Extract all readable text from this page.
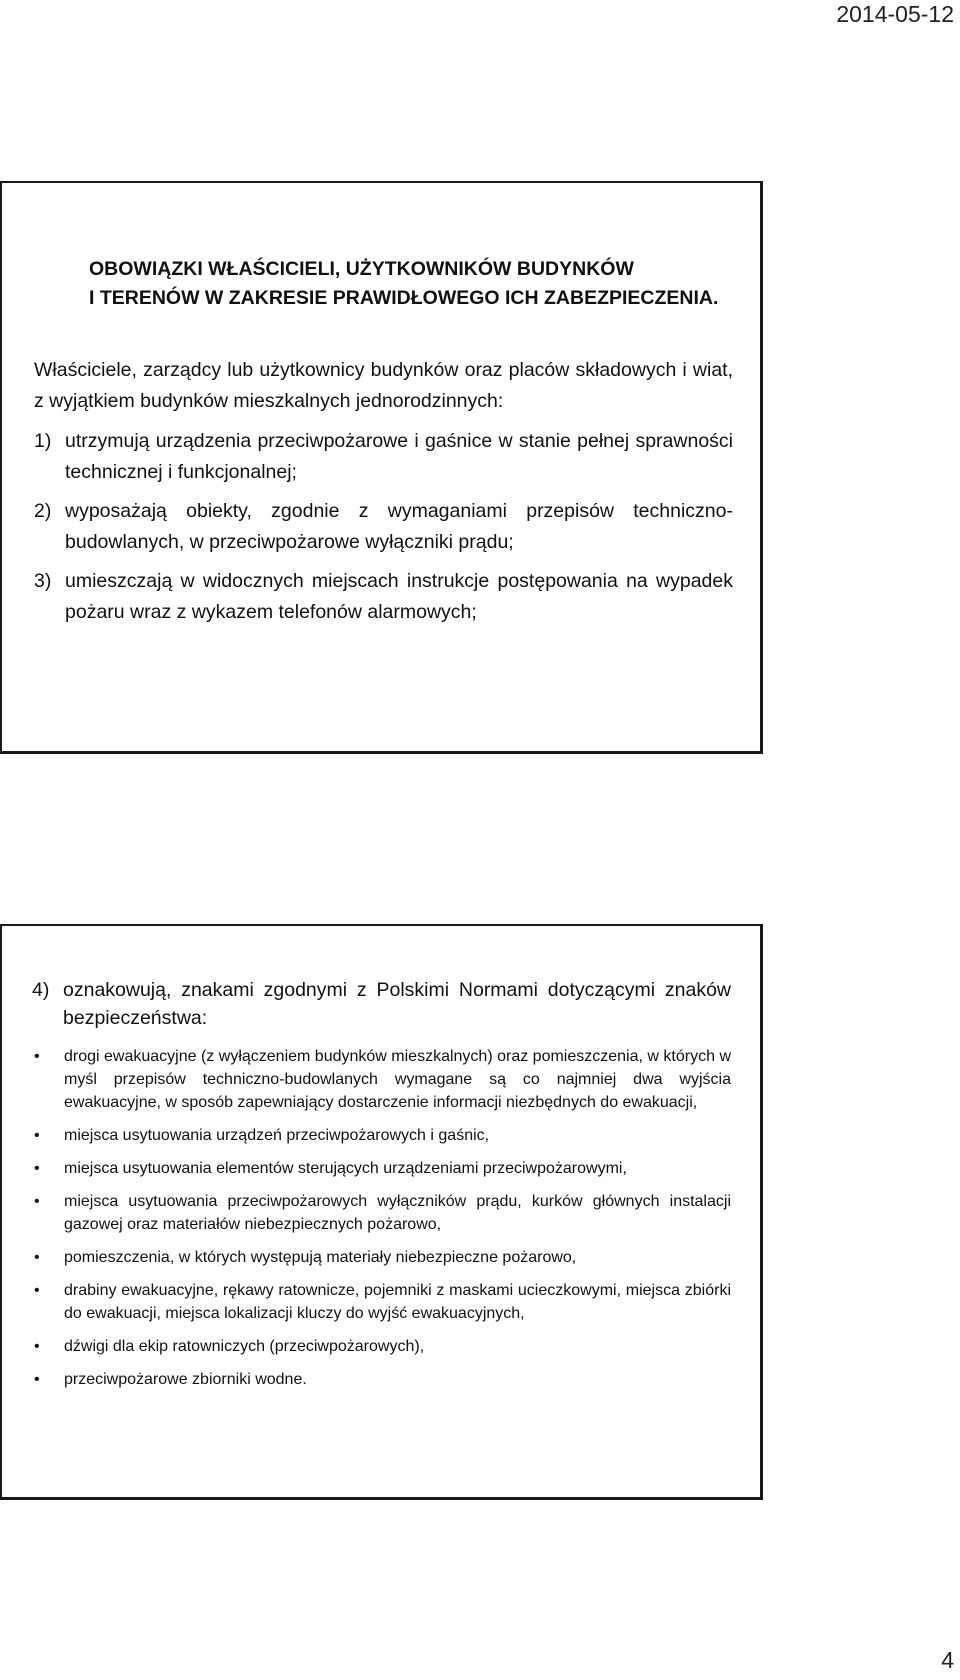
2014-05-12
OBOWIĄZKI WŁAŚCICIELI, UŻYTKOWNIKÓW BUDYNKÓW
I TERENÓW W ZAKRESIE PRAWIDŁOWEGO ICH ZABEZPIECZENIA.

Właściciele, zarządcy lub użytkownicy budynków oraz placów składowych i wiat, z wyjątkiem budynków mieszkalnych jednorodzinnych:

1) utrzymują urządzenia przeciwpożarowe i gaśnice w stanie pełnej sprawności technicznej i funkcjonalnej;
2) wyposażają obiekty, zgodnie z wymaganiami przepisów techniczno-budowlanych, w przeciwpożarowe wyłączniki prądu;
3) umieszczają w widocznych miejscach instrukcje postępowania na wypadek pożaru wraz z wykazem telefonów alarmowych;
4) oznakowują, znakami zgodnymi z Polskimi Normami dotyczącymi znaków bezpieczeństwa:
• drogi ewakuacyjne (z wyłączeniem budynków mieszkalnych) oraz pomieszczenia, w których w myśl przepisów techniczno-budowlanych wymagane są co najmniej dwa wyjścia ewakuacyjne, w sposób zapewniający dostarczenie informacji niezbędnych do ewakuacji,
• miejsca usytuowania urządzeń przeciwpożarowych i gaśnic,
• miejsca usytuowania elementów sterujących urządzeniami przeciwpożarowymi,
• miejsca usytuowania przeciwpożarowych wyłączników prądu, kurków głównych instalacji gazowej oraz materiałów niebezpiecznych pożarowo,
• pomieszczenia, w których występują materiały niebezpieczne pożarowo,
• drabiny ewakuacyjne, rękawy ratownicze, pojemniki z maskami ucieczkowymi, miejsca zbiórki do ewakuacji, miejsca lokalizacji kluczy do wyjść ewakuacyjnych,
• dźwigi dla ekip ratowniczych (przeciwpożarowych),
• przeciwpożarowe zbiorniki wodne.
4
